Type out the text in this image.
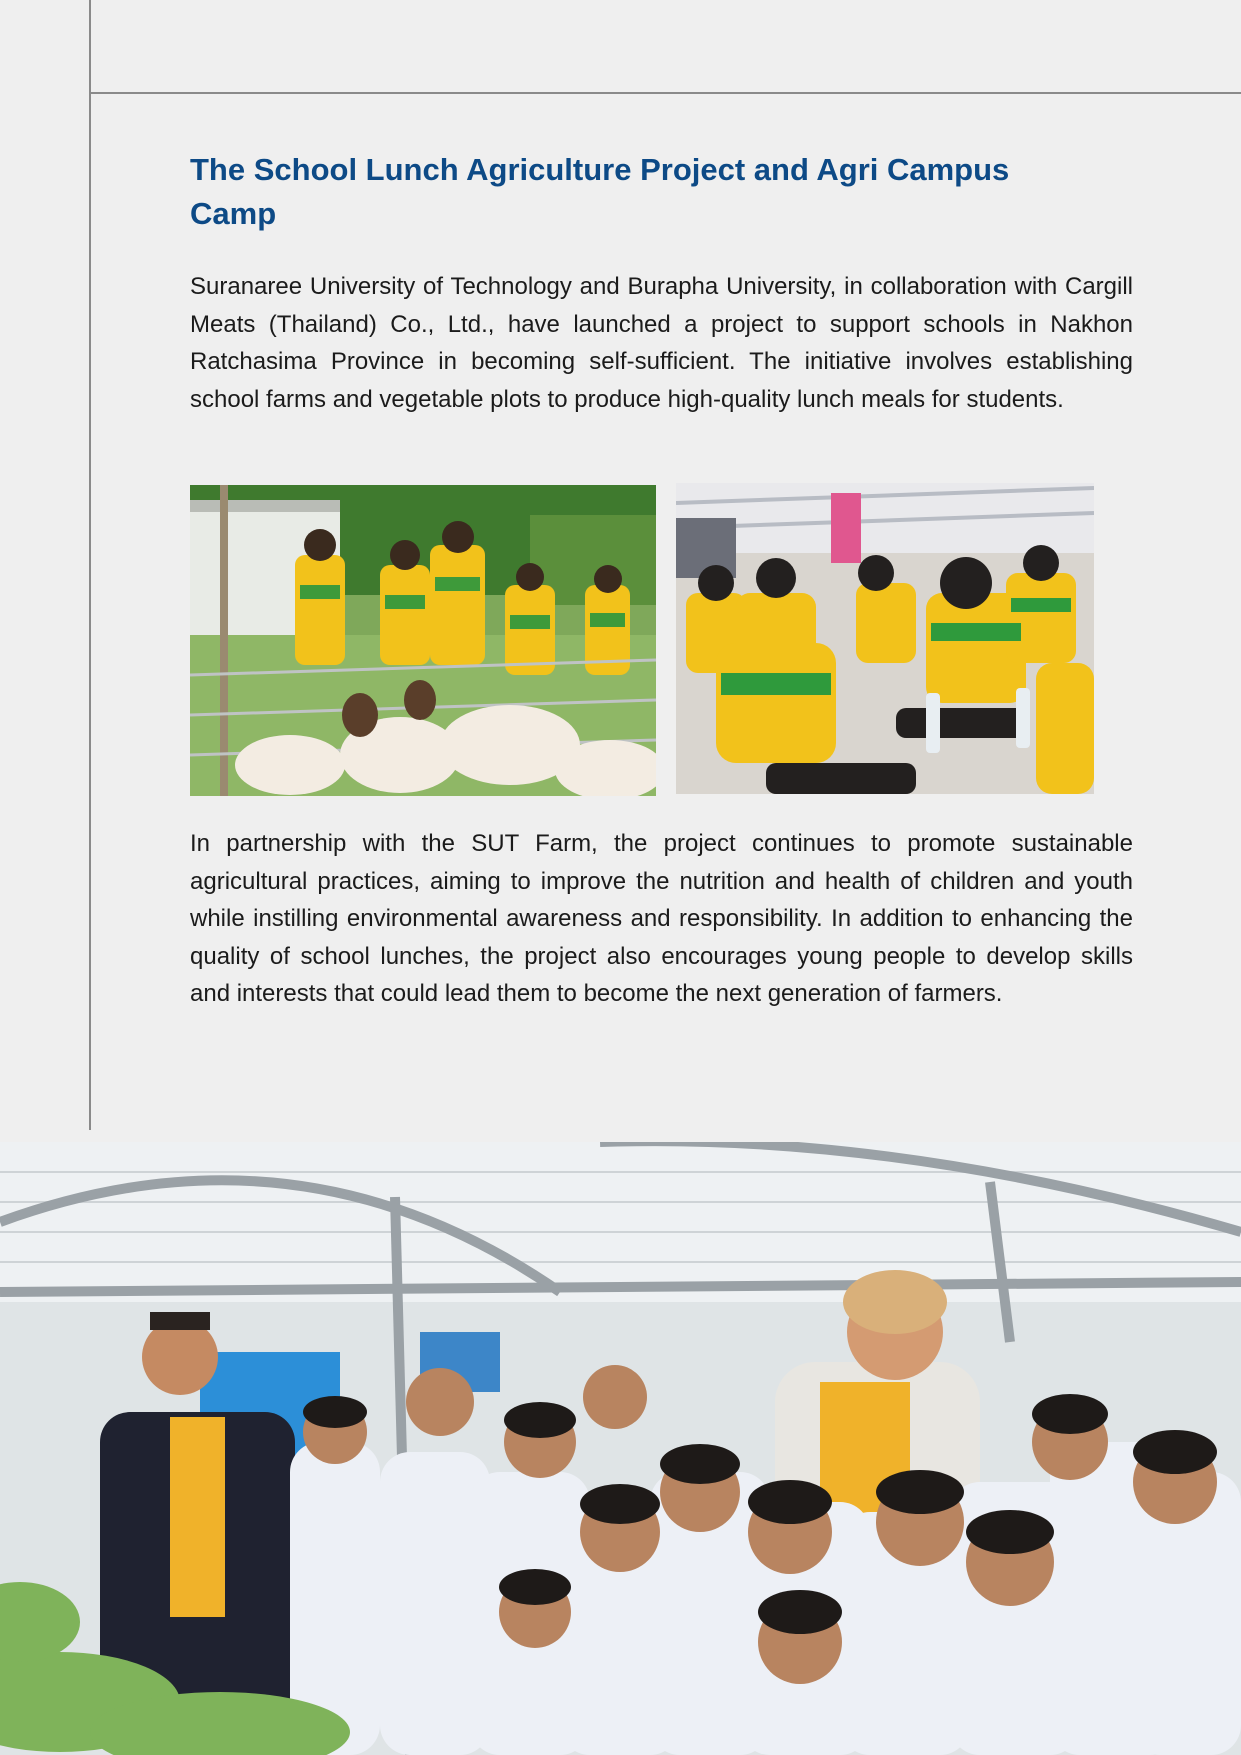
The School Lunch Agriculture Project and Agri Campus Camp

Suranaree University of Technology and Burapha University, in collaboration with Cargill Meats (Thailand) Co., Ltd., have launched a project to support schools in Nakhon Ratchasima Province in becoming self-sufficient. The initiative involves establishing school farms and vegetable plots to produce high-quality lunch meals for students.

In partnership with the SUT Farm, the project continues to promote sustainable agricultural practices, aiming to improve the nutrition and health of children and youth while instilling environmental awareness and responsibility. In addition to enhancing the quality of school lunches, the project also encourages young people to develop skills and interests that could lead them to become the next generation of farmers.
